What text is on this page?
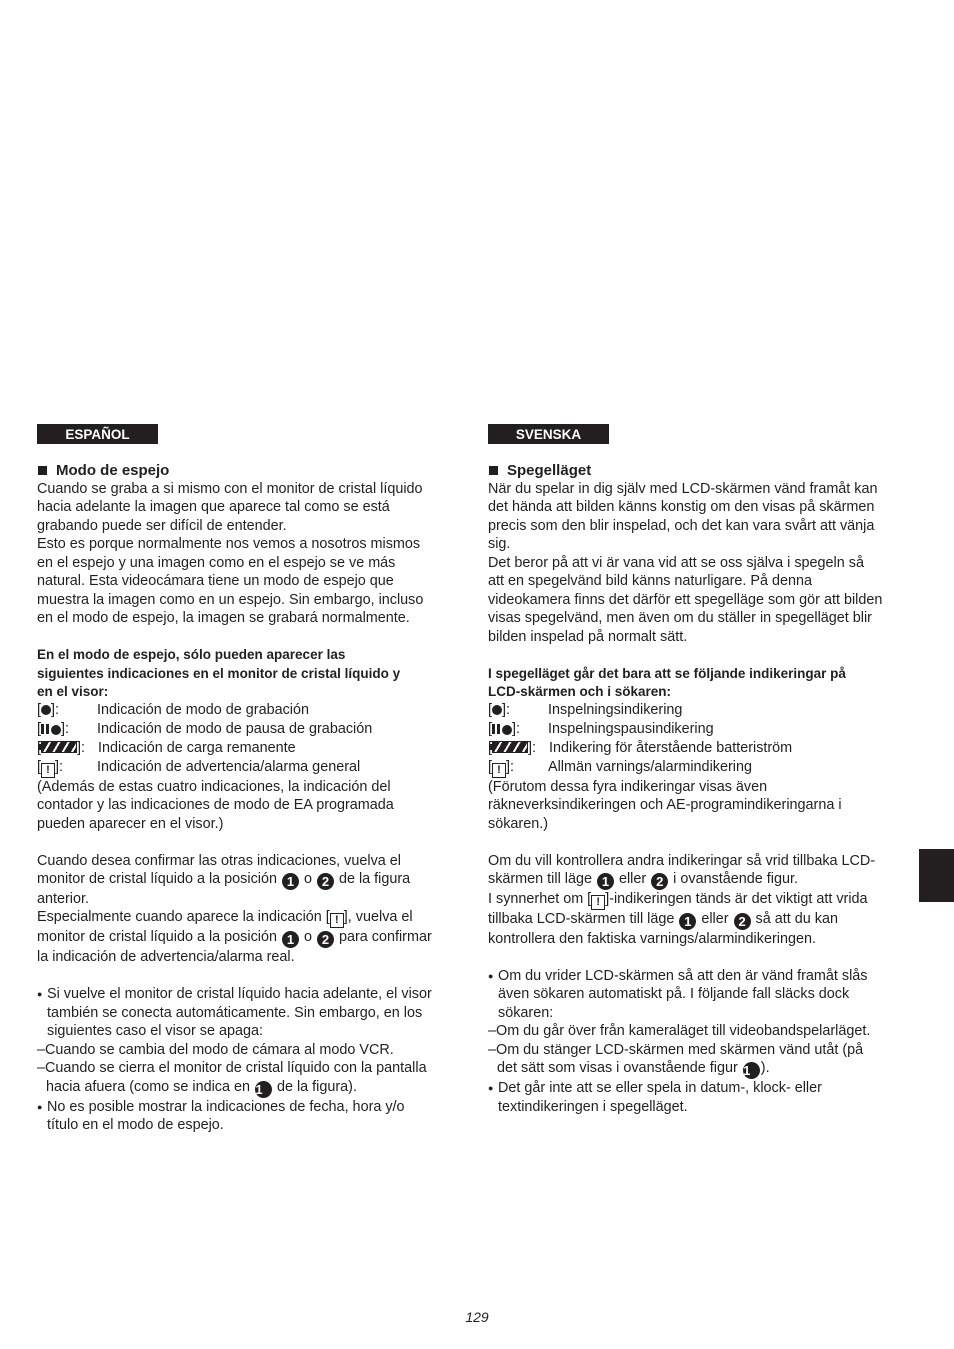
ESPAÑOL
Modo de espejo

Cuando se graba a si mismo con el monitor de cristal líquido
hacia adelante la imagen que aparece tal como se está
grabando puede ser difícil de entender.
Esto es porque normalmente nos vemos a nosotros mismos
en el espejo y una imagen como en el espejo se ve más
natural. Esta videocámara tiene un modo de espejo que
muestra la imagen como en un espejo. Sin embargo, incluso
en el modo de espejo, la imagen se grabará normalmente.

En el modo de espejo, sólo pueden aparecer las
siguientes indicaciones en el monitor de cristal líquido y
en el visor:

[ ]:	Indicación de modo de grabación
[ ]:	Indicación de modo de pausa de grabación
]: Indicación de carga remanente
[ ! ]:	Indicación de advertencia/alarma general

(Además de estas cuatro indicaciones, la indicación del
contador y las indicaciones de modo de EA programada
pueden aparecer en el visor.)

Cuando desea confirmar las otras indicaciones, vuelva el
monitor de cristal líquido a la posición 1 o 2 de la figura
anterior.

Especialmente cuando aparece la indicación [ ! ], vuelva el
monitor de cristal líquido a la posición 1 o 2 para confirmar
la indicación de advertencia/alarma real.

● Si vuelve el monitor de cristal líquido hacia adelante, el visor
también se conecta automáticamente. Sin embargo, en los
siguientes caso el visor se apaga:
–Cuando se cambia del modo de cámara al modo VCR.
–Cuando se cierra el monitor de cristal líquido con la pantalla
hacia afuera (como se indica en 1 de la figura).
● No es posible mostrar la indicaciones de fecha, hora y/o
título en el modo de espejo.
SVENSKA
Spegelläget

När du spelar in dig själv med LCD-skärmen vänd framåt kan
det hända att bilden känns konstig om den visas på skärmen
precis som den blir inspelad, och det kan vara svårt att vänja
sig.
Det beror på att vi är vana vid att se oss själva i spegeln så
att en spegelvänd bild känns naturligare. På denna
videokamera finns det därför ett spegelläge som gör att bilden
visas spegelvänd, men även om du ställer in spegelläget blir
bilden inspelad på normalt sätt.

I spegelläget går det bara att se följande indikeringar på
LCD-skärmen och i sökaren:

[ ]:	Inspelningsindikering
[ ]:	Inspelningspausindikering
]: Indikering för återstående batteriström
[ ! ]:	Allmän varnings/alarmindikering

(Förutom dessa fyra indikeringar visas även
räkneverksindikeringen och AE-programindikeringarna i
sökaren.)

Om du vill kontrollera andra indikeringar så vrid tillbaka LCD-
skärmen till läge 1 eller 2 i ovanstående figur.

I synnerhet om [ ! ]-indikeringen tänds är det viktigt att vrida
tillbaka LCD-skärmen till läge 1 eller 2 så att du kan
kontrollera den faktiska varnings/alarmindikeringen.

● Om du vrider LCD-skärmen så att den är vänd framåt slås
även sökaren automatiskt på. I följande fall släcks dock
sökaren:
–Om du går över från kameraläget till videobandspelarläget.
–Om du stänger LCD-skärmen med skärmen vänd utåt (på
det sätt som visas i ovanstående figur 1 ).
● Det går inte att se eller spela in datum-, klock- eller
textindikeringen i spegelläget.
129
